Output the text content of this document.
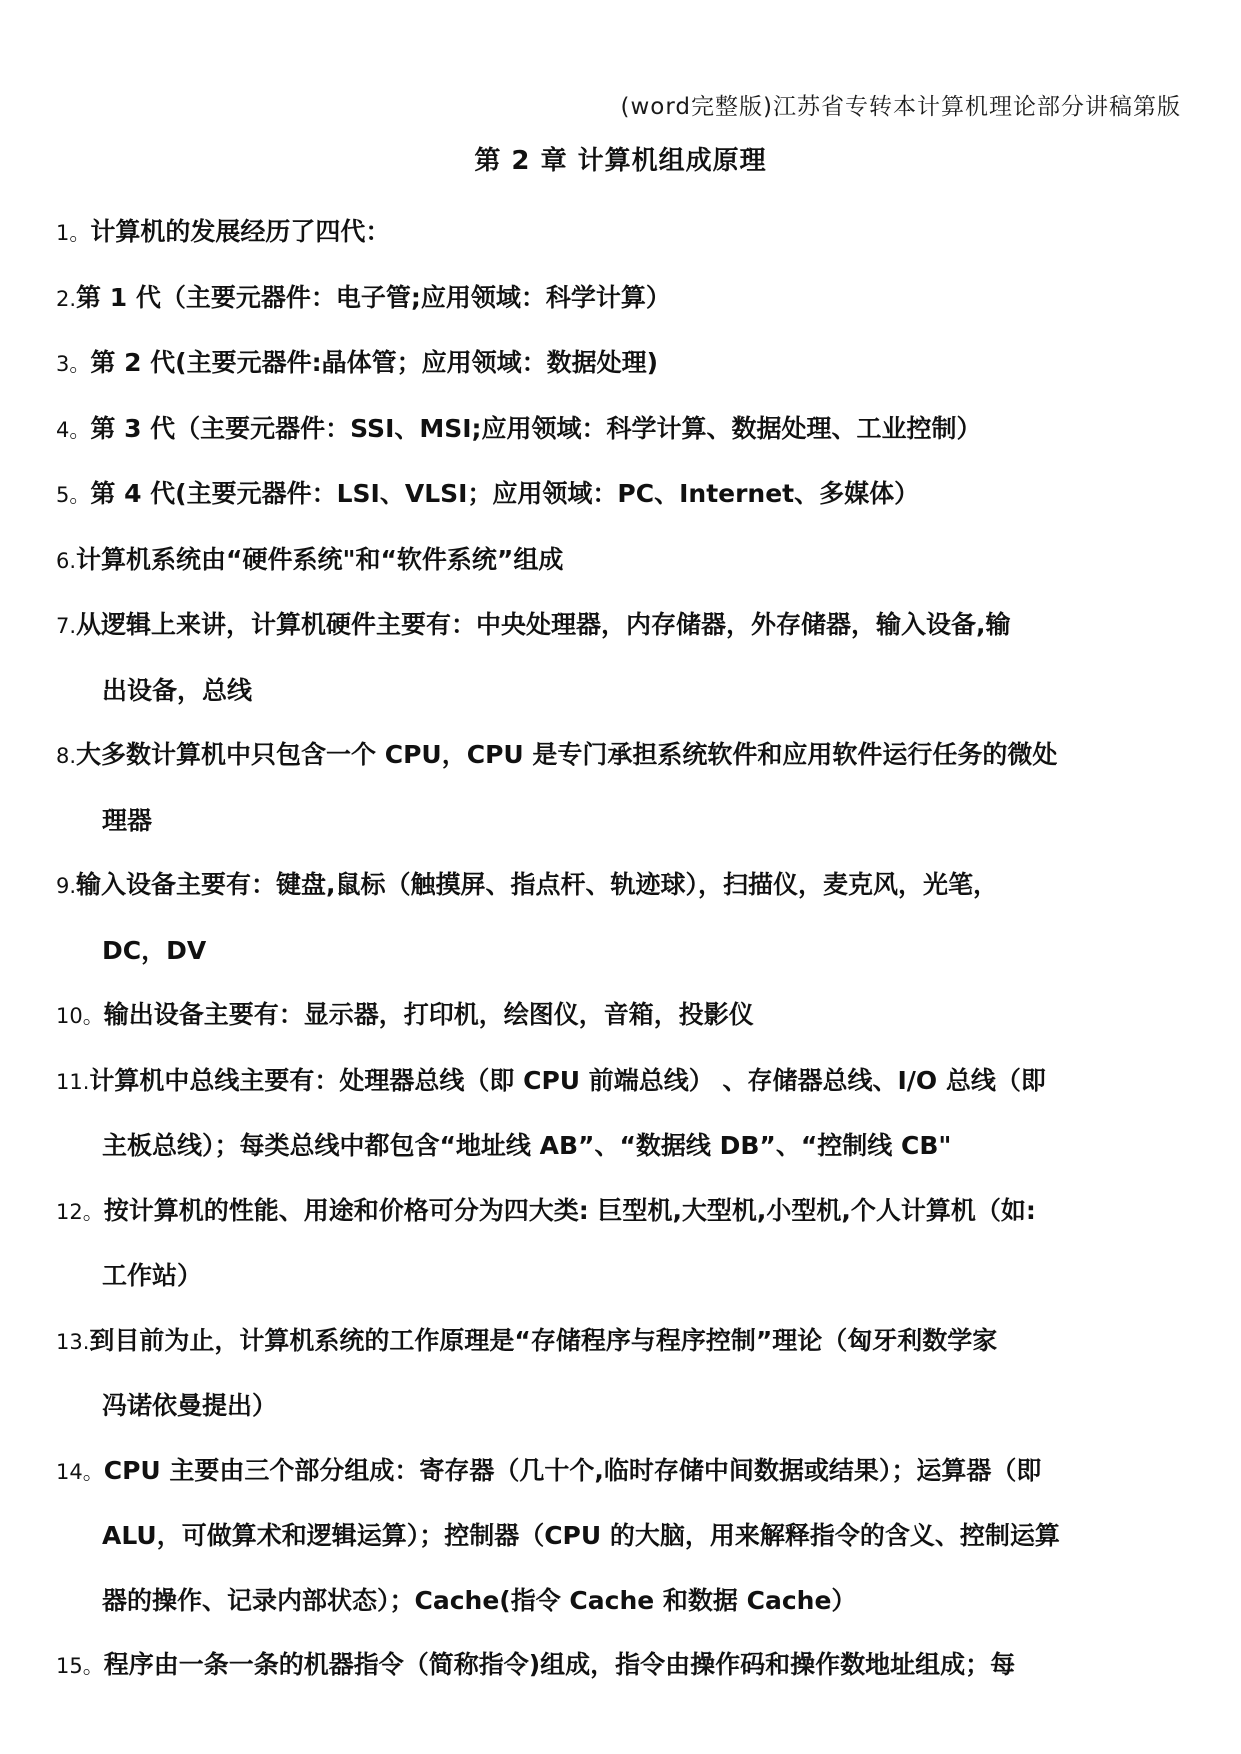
(word完整版)江苏省专转本计算机理论部分讲稿第版
第 2 章 计算机组成原理
1。计算机的发展经历了四代：
2.第 1 代（主要元器件：电子管;应用领域：科学计算）
3。第 2 代(主要元器件:晶体管；应用领域：数据处理)
4。第 3 代（主要元器件：SSI、MSI;应用领域：科学计算、数据处理、工业控制）
5。第 4 代(主要元器件：LSI、VLSI；应用领域：PC、Internet、多媒体）
6.计算机系统由“硬件系统"和“软件系统”组成
7.从逻辑上来讲，计算机硬件主要有：中央处理器，内存储器，外存储器，输入设备,输
出设备，总线
8.大多数计算机中只包含一个 CPU，CPU 是专门承担系统软件和应用软件运行任务的微处
理器
9.输入设备主要有：键盘,鼠标（触摸屏、指点杆、轨迹球），扫描仪，麦克风，光笔，
DC，DV
10。输出设备主要有：显示器，打印机，绘图仪，音箱，投影仪
11.计算机中总线主要有：处理器总线（即 CPU 前端总线） 、存储器总线、I/O 总线（即
主板总线）；每类总线中都包含“地址线 AB”、“数据线 DB”、“控制线 CB"
12。按计算机的性能、用途和价格可分为四大类: 巨型机,大型机,小型机,个人计算机（如:
工作站）
13.到目前为止，计算机系统的工作原理是“存储程序与程序控制”理论（匈牙利数学家
冯诺依曼提出）
14。CPU 主要由三个部分组成：寄存器（几十个,临时存储中间数据或结果）；运算器（即
ALU，可做算术和逻辑运算）；控制器（CPU 的大脑，用来解释指令的含义、控制运算
器的操作、记录内部状态）；Cache(指令 Cache 和数据 Cache）
15。程序由一条一条的机器指令（简称指令)组成，指令由操作码和操作数地址组成；每
